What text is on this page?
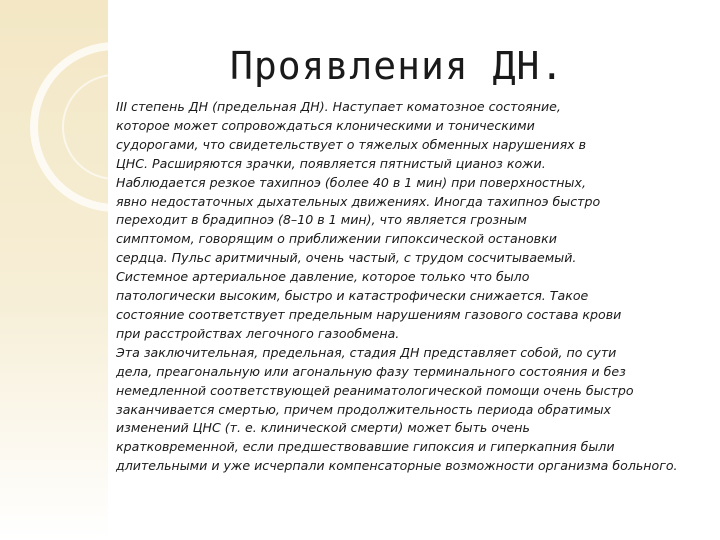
Проявления ДН.
III степень ДН (предельная ДН). Наступает коматозное состояние,
которое может сопровождаться клоническими и тоническими
судорогами, что свидетельствует о тяжелых обменных нарушениях в
ЦНС. Расширяются зрачки, появляется пятнистый цианоз кожи.
Наблюдается резкое тахипноэ (более 40 в 1 мин) при поверхностных,
явно недостаточных дыхательных движениях. Иногда тахипноэ быстро
переходит в брадипноэ (8–10 в 1 мин), что является грозным
симптомом, говорящим о приближении гипоксической остановки
сердца. Пульс аритмичный, очень частый, с трудом сосчитываемый.
Системное артериальное давление, которое только что было
патологически высоким, быстро и катастрофически снижается. Такое
состояние соответствует предельным нарушениям газового состава крови
при расстройствах легочного газообмена.
Эта заключительная, предельная, стадия ДН представляет собой, по сути
дела, преагональную или агональную фазу терминального состояния и без
немедленной соответствующей реаниматологической помощи очень быстро
заканчивается смертью, причем продолжительность периода обратимых
изменений ЦНС (т. е. клинической смерти) может быть очень
кратковременной, если предшествовавшие гипоксия и гиперкапния были
длительными и уже исчерпали компенсаторные возможности организма больного.
